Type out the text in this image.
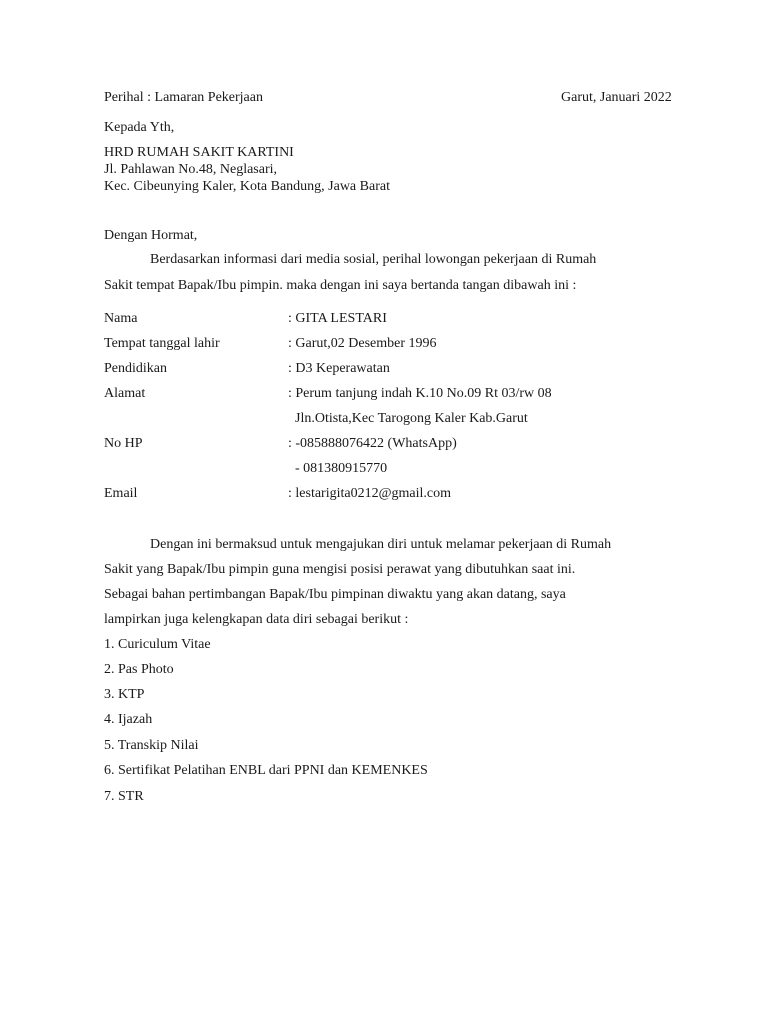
Perihal : Lamaran Pekerjaan	Garut, Januari 2022
Kepada Yth,
HRD RUMAH SAKIT KARTINI
Jl. Pahlawan No.48, Neglasari,
Kec. Cibeunying Kaler, Kota Bandung, Jawa Barat
Dengan Hormat,
Berdasarkan informasi dari media sosial, perihal lowongan pekerjaan di Rumah
Sakit tempat Bapak/Ibu pimpin. maka dengan ini saya bertanda tangan dibawah ini :
Nama	: GITA LESTARI
Tempat tanggal lahir	: Garut,02 Desember 1996
Pendidikan	: D3 Keperawatan
Alamat	: Perum tanjung indah K.10 No.09 Rt 03/rw 08
Jln.Otista,Kec Tarogong Kaler Kab.Garut
No HP	: -085888076422 (WhatsApp)
- 081380915770
Email	: lestarigita0212@gmail.com
Dengan ini bermaksud untuk mengajukan diri untuk melamar pekerjaan di Rumah
Sakit yang Bapak/Ibu pimpin guna mengisi posisi perawat yang dibutuhkan saat ini.
Sebagai bahan pertimbangan Bapak/Ibu pimpinan diwaktu yang akan datang, saya
lampirkan juga kelengkapan data diri sebagai berikut :
1. Curiculum Vitae
2. Pas Photo
3. KTP
4. Ijazah
5. Transkip Nilai
6. Sertifikat Pelatihan ENBL dari PPNI dan KEMENKES
7. STR
